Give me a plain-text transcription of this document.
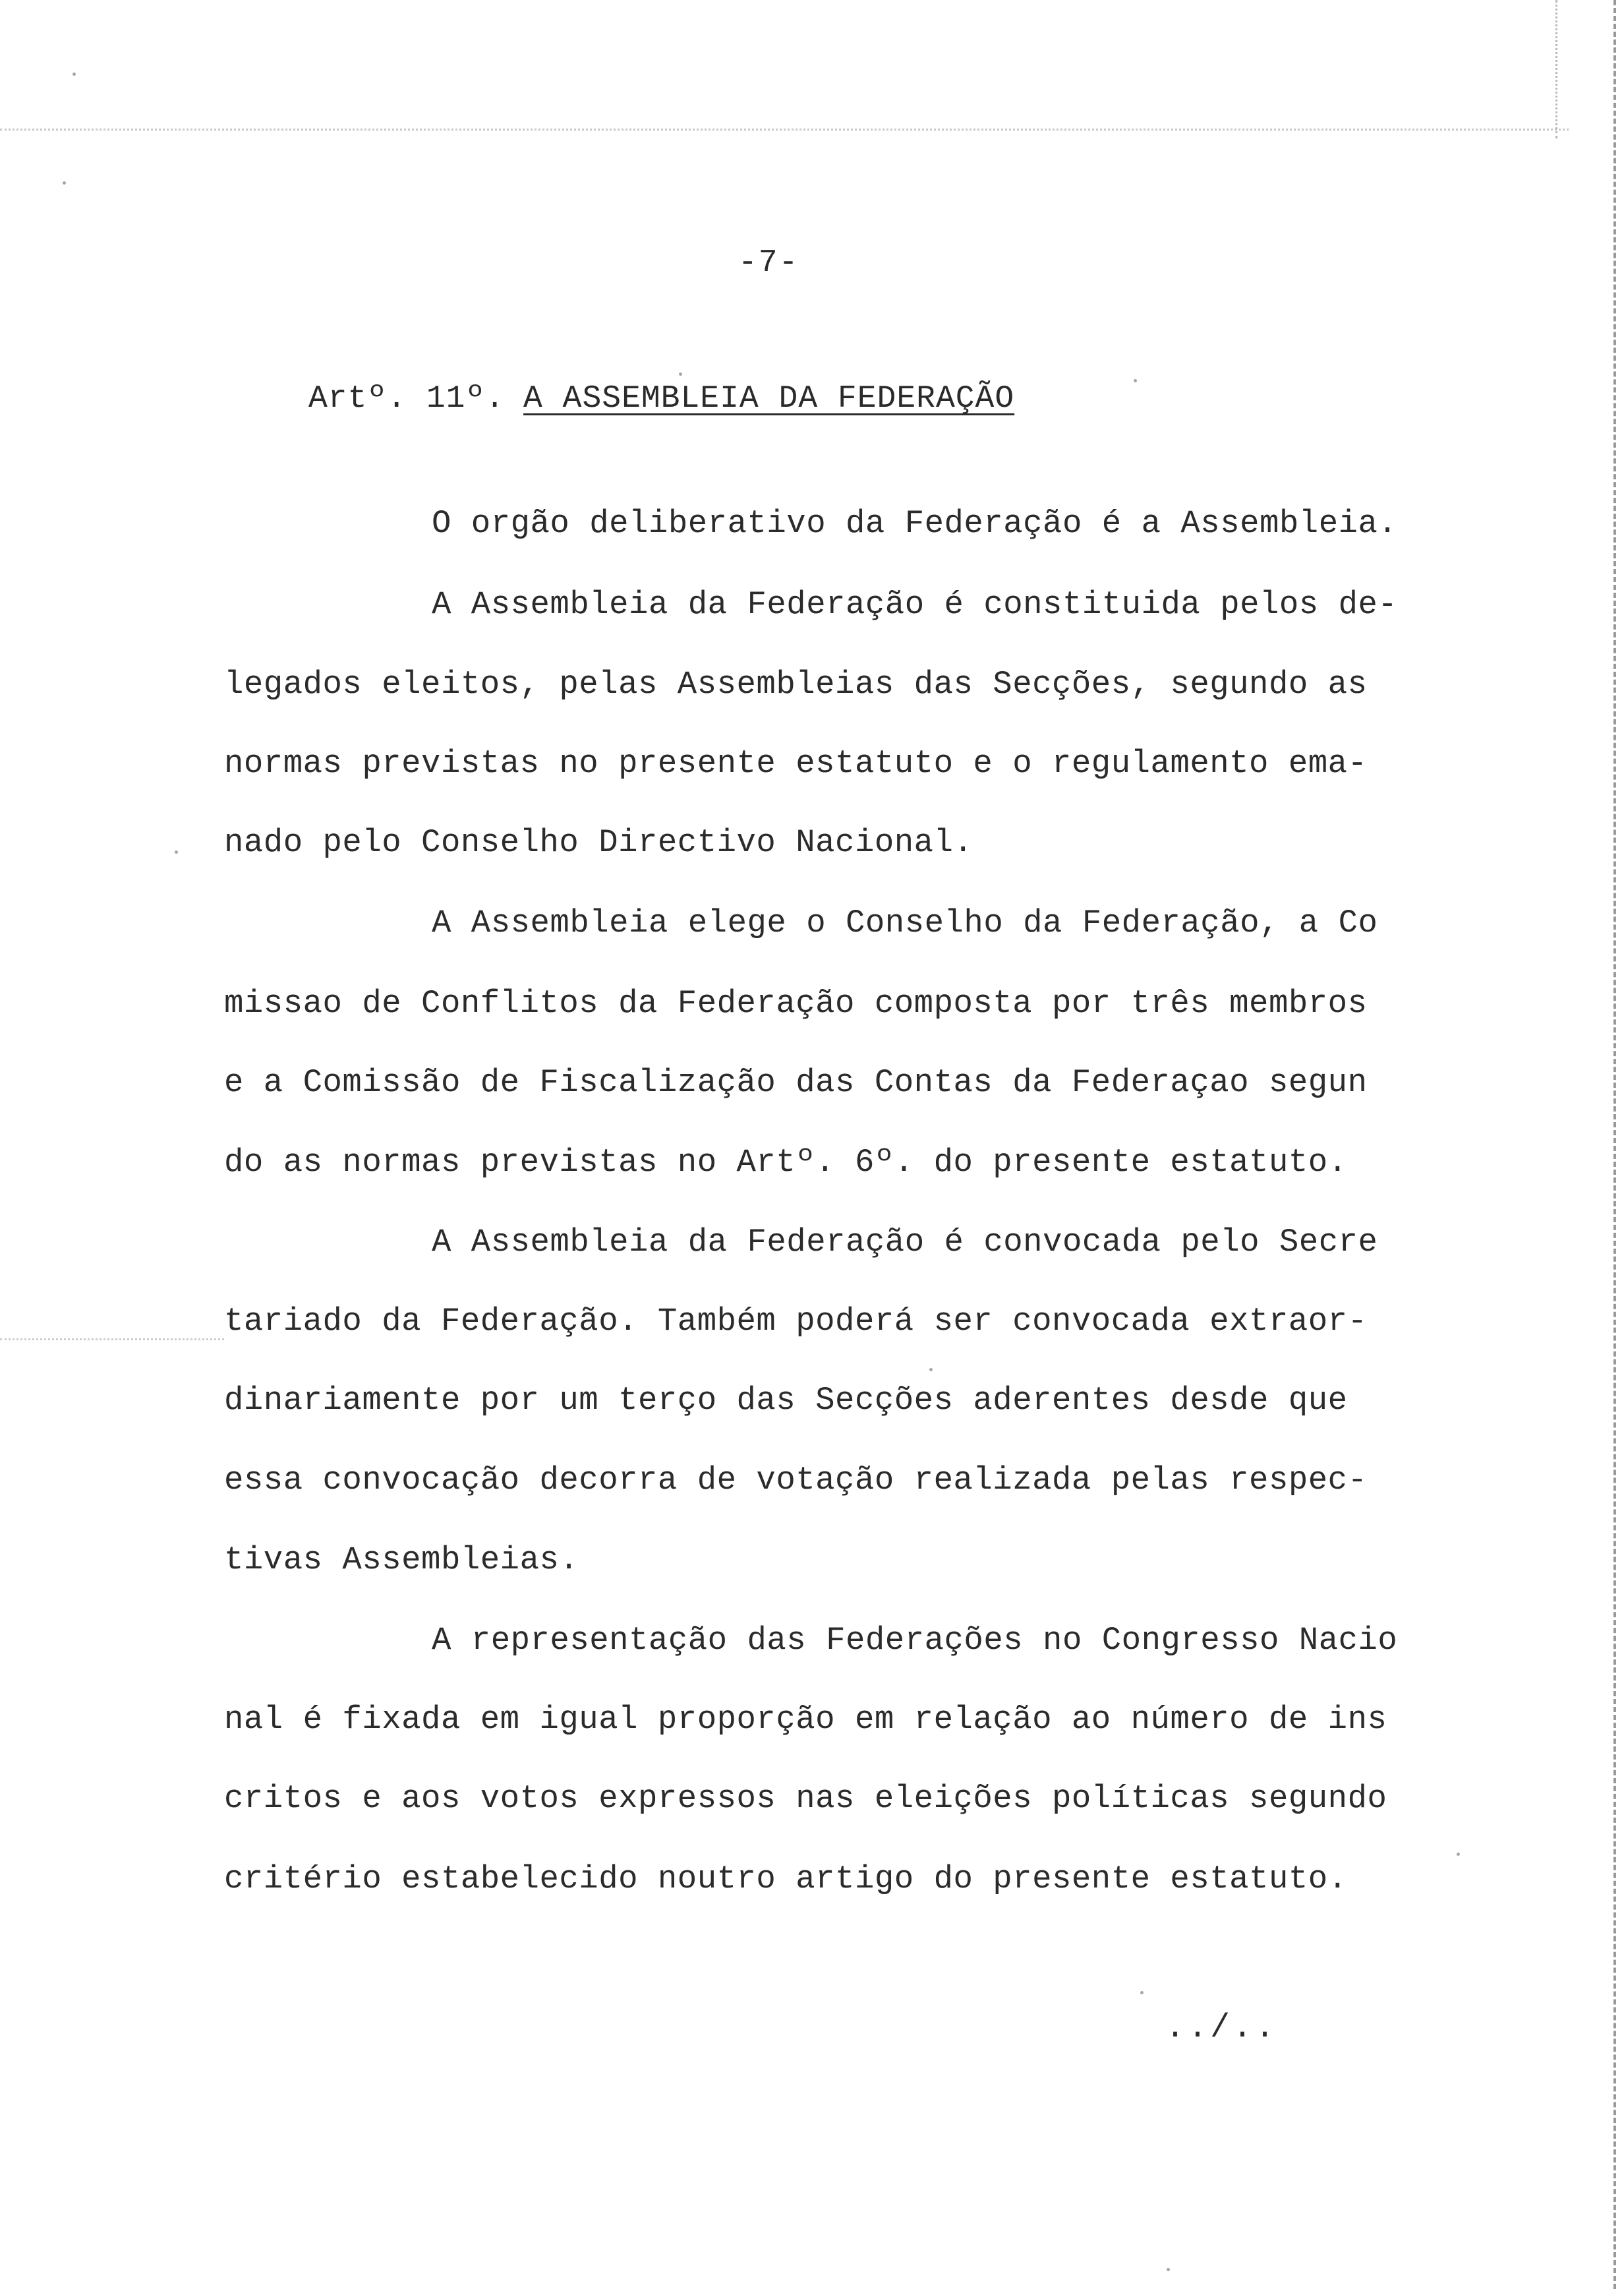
-7-
Artº. 11º. A ASSEMBLEIA DA FEDERAÇÃO
O orgão deliberativo da Federação é a Assembleia.
A Assembleia da Federação é constituida pelos de-
legados eleitos, pelas Assembleias das Secções, segundo as
normas previstas no presente estatuto e o regulamento ema-
nado pelo Conselho Directivo Nacional.
A Assembleia elege o Conselho da Federação, a Co
missao de Conflitos da Federação composta por três membros
e a Comissão de Fiscalização das Contas da Federaçao segun
do as normas previstas no Artº. 6º. do presente estatuto.
A Assembleia da Federação é convocada pelo Secre
tariado da Federação. Também poderá ser convocada extraor-
dinariamente por um terço das Secções aderentes desde que
essa convocação decorra de votação realizada pelas respec-
tivas Assembleias.
A representação das Federações no Congresso Nacio
nal é fixada em igual proporção em relação ao número de ins
critos e aos votos expressos nas eleições políticas segundo
critério estabelecido noutro artigo do presente estatuto.
../..
